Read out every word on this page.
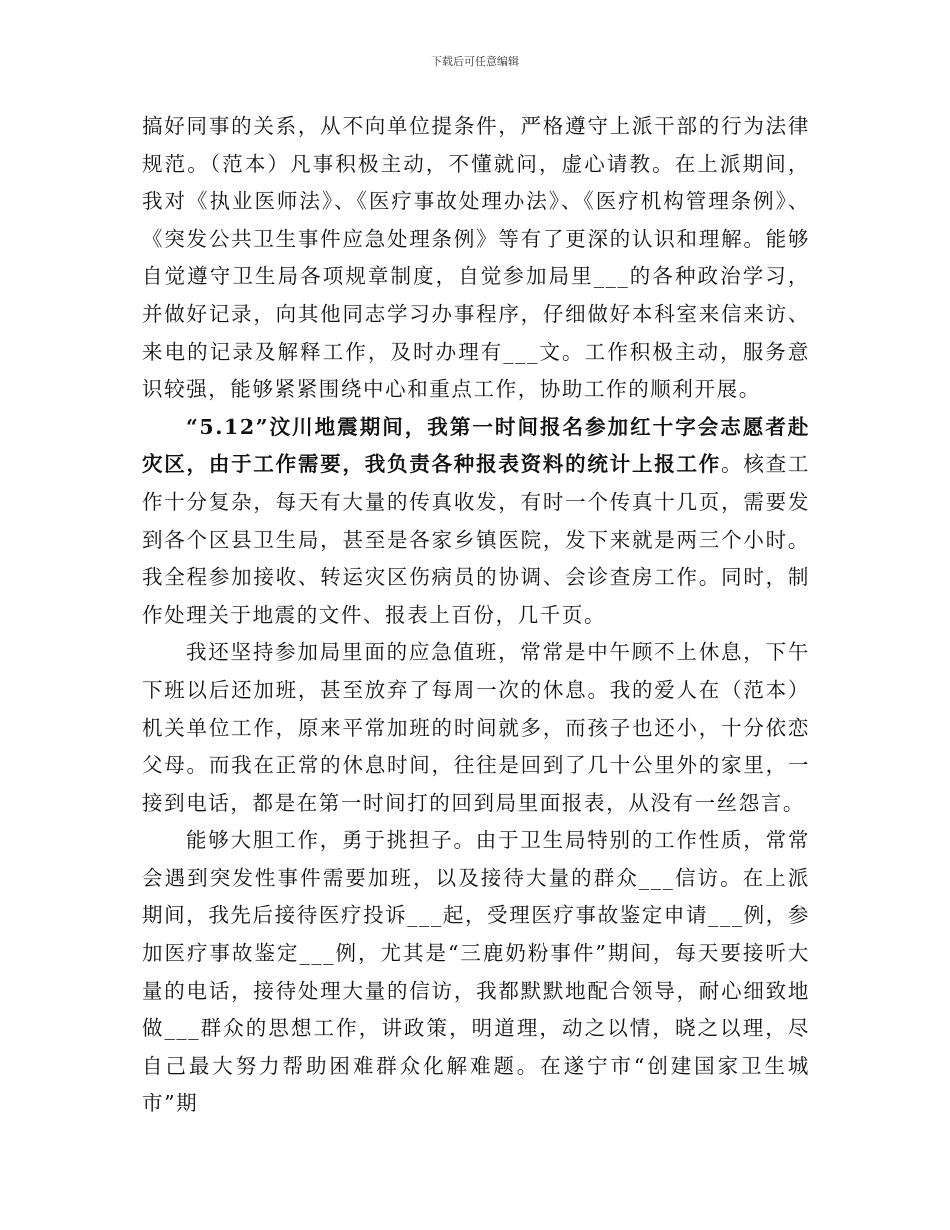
下载后可任意编辑

搞好同事的关系，从不向单位提条件，严格遵守上派干部的行为法律规范。（范本）凡事积极主动，不懂就问，虚心请教。在上派期间，我对《执业医师法》、《医疗事故处理办法》、《医疗机构管理条例》、《突发公共卫生事件应急处理条例》等有了更深的认识和理解。能够自觉遵守卫生局各项规章制度，自觉参加局里___的各种政治学习，并做好记录，向其他同志学习办事程序，仔细做好本科室来信来访、来电的记录及解释工作，及时办理有___文。工作积极主动，服务意识较强，能够紧紧围绕中心和重点工作，协助工作的顺利开展。

“5.12”汶川地震期间，我第一时间报名参加红十字会志愿者赴灾区，由于工作需要，我负责各种报表资料的统计上报工作。核查工作十分复杂，每天有大量的传真收发，有时一个传真十几页，需要发到各个区县卫生局，甚至是各家乡镇医院，发下来就是两三个小时。我全程参加接收、转运灾区伤病员的协调、会诊查房工作。同时，制作处理关于地震的文件、报表上百份，几千页。

我还坚持参加局里面的应急值班，常常是中午顾不上休息，下午下班以后还加班，甚至放弃了每周一次的休息。我的爱人在（范本）机关单位工作，原来平常加班的时间就多，而孩子也还小，十分依恋父母。而我在正常的休息时间，往往是回到了几十公里外的家里，一接到电话，都是在第一时间打的回到局里面报表，从没有一丝怨言。

能够大胆工作，勇于挑担子。由于卫生局特别的工作性质，常常会遇到突发性事件需要加班，以及接待大量的群众___信访。在上派期间，我先后接待医疗投诉___起，受理医疗事故鉴定申请___例，参加医疗事故鉴定___例，尤其是“三鹿奶粉事件”期间，每天要接听大量的电话，接待处理大量的信访，我都默默地配合领导，耐心细致地做___群众的思想工作，讲政策，明道理，动之以情，晓之以理，尽自己最大努力帮助困难群众化解难题。在遂宁市“创建国家卫生城市”期
